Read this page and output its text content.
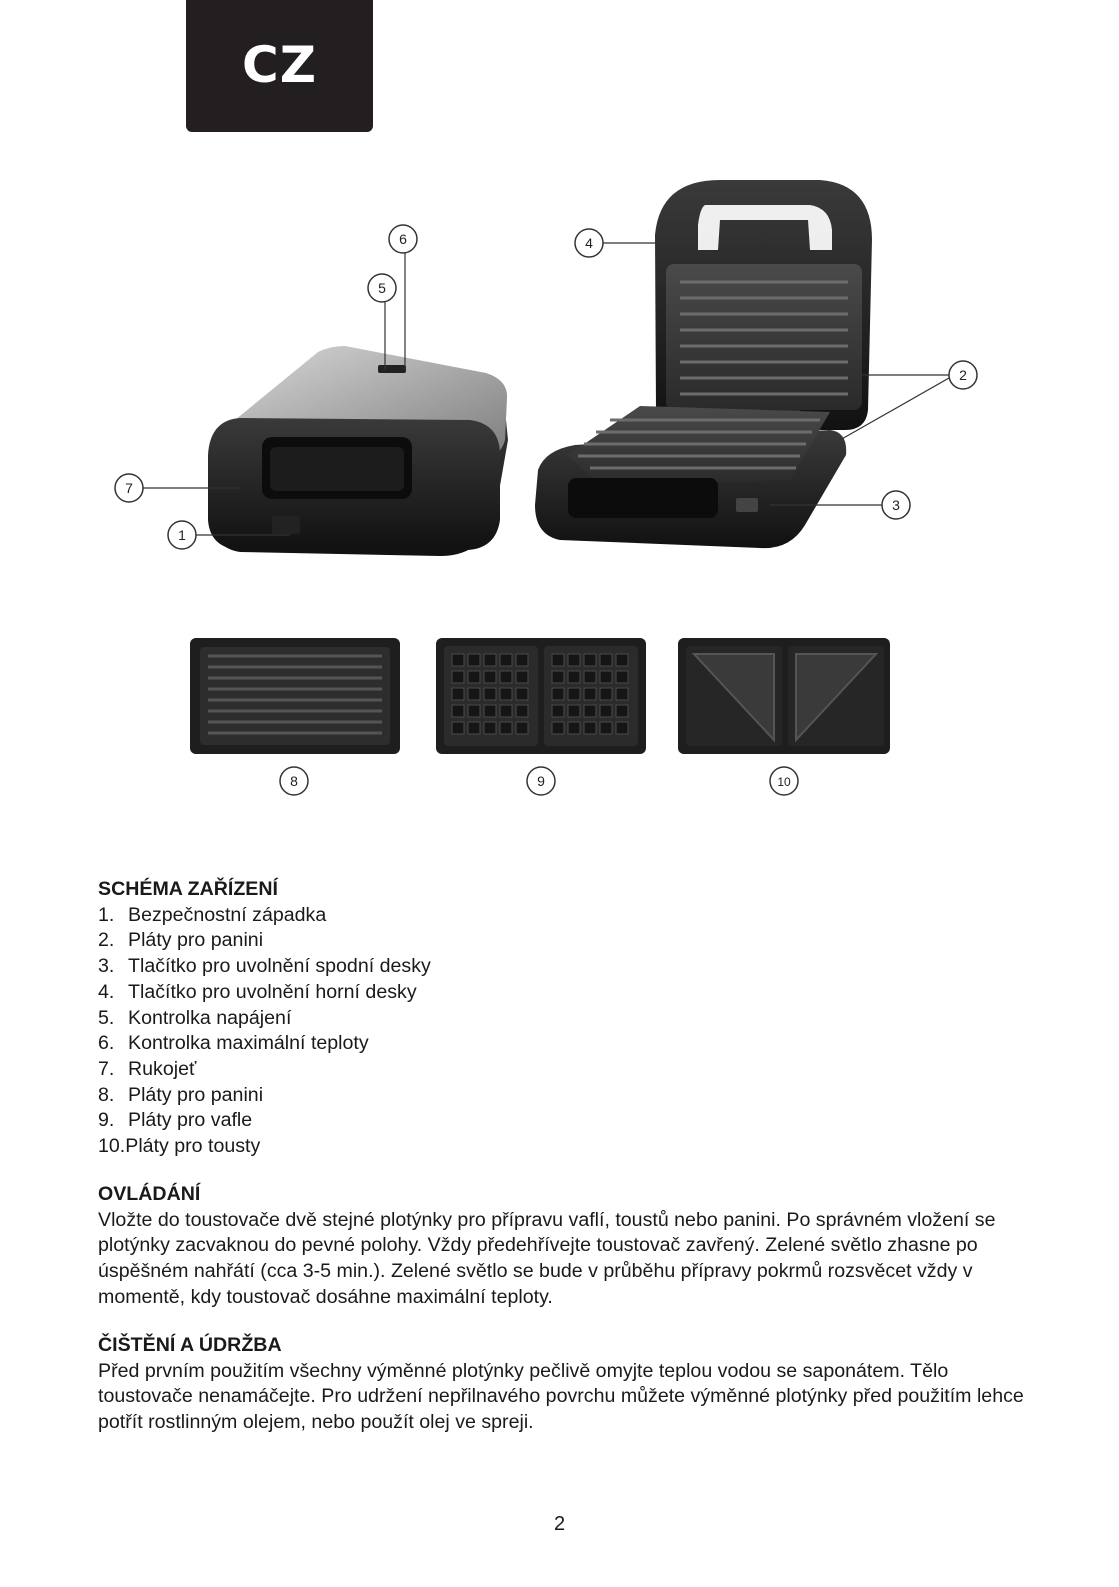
CZ
1
2
3
4
5
6
7
8	9	10
SCHÉMA ZAŘÍZENÍ
1. Bezpečnostní západka
2. Pláty pro panini
3. Tlačítko pro uvolnění spodní desky
4. Tlačítko pro uvolnění horní desky
5. Kontrolka napájení
6. Kontrolka maximální teploty
7. Rukojeť
8. Pláty pro panini
9. Pláty pro vafle
10. Pláty pro tousty
OVLÁDÁNÍ

Vložte do toustovače dvě stejné plotýnky pro přípravu vaflí, toustů nebo panini. Po správném vložení se plotýnky zacvaknou do pevné polohy. Vždy předehřívejte toustovač zavřený. Zelené světlo zhasne po úspěšném nahřátí (cca 3-5 min.). Zelené světlo se bude v průběhu přípravy pokrmů rozsvěcet vždy v momentě, kdy toustovač dosáhne maximální teploty.

ČIŠTĚNÍ A ÚDRŽBA

Před prvním použitím všechny výměnné plotýnky pečlivě omyjte teplou vodou se saponátem. Tělo toustovače nenamáčejte. Pro udržení nepřilnavého povrchu můžete výměnné plotýnky před použitím lehce potřít rostlinným olejem, nebo použít olej ve spreji.

2
